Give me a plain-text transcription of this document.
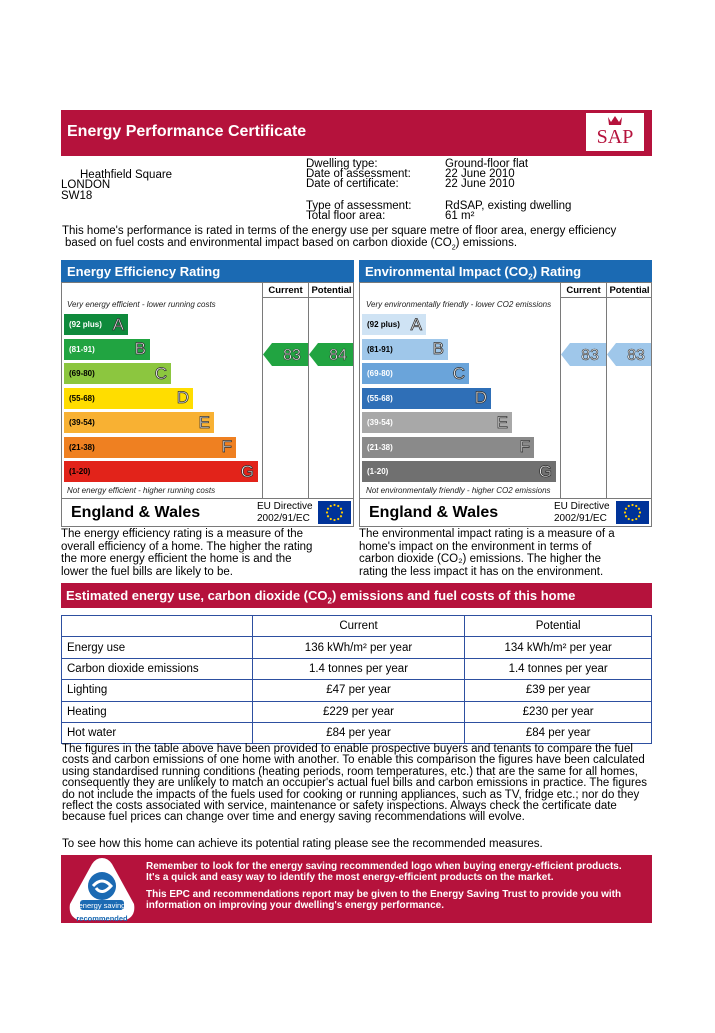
Energy Performance Certificate	SAP
Heathfield Square
LONDON
SW18
Dwelling type:	Ground-floor flat
Date of assessment:	22 June 2010
Date of certificate:	22 June 2010
Type of assessment:	RdSAP, existing dwelling
Total floor area:	61 m²
This home's performance is rated in terms of the energy use per square metre of floor area, energy efficiency
based on fuel costs and environmental impact based on carbon dioxide $(CO_2)$ emissions.
Energy Efficiency Rating
Current Potential
Very energy efficient - lower running costs
(92 plus) A
(81-91) B
(69-80)	C
(55-68)	D
(39-54)	E
(21-38)	F
(1-20)	G
Not energy efficient - higher running costs
England & Wales	EU Directive
2002/91/EC
83 84
The energy efficiency rating is a measure of the
overall efficiency of a home. The higher the rating
the more energy efficient the home is and the
lower the fuel bills are likely to be.
Environmental Impact $(CO_2)$ Rating
Current Potential
Very environmentally friendly - lower CO2 emissions
(92 plus) A
(81-91) B
(69-80)	C
(55-68)	D
(39-54)	E
(21-38)	F
(1-20)	G
Not environmentally friendly - higher CO2 emissions
England & Wales	EU Directive
2002/91/EC
83 83
The environmental impact rating is a measure of a
home's impact on the environment in terms of
carbon dioxide (CO₂) emissions. The higher the
rating the less impact it has on the environment.
Estimated energy use, carbon dioxide $(CO_2)$ emissions and fuel costs of this home
	Current	Potential
Energy use	136 kWh/m² per year	134 kWh/m² per year
Carbon dioxide emissions	1.4 tonnes per year	1.4 tonnes per year
Lighting	£47 per year	£39 per year
Heating	£229 per year	£230 per year
Hot water	£84 per year	£84 per year
The figures in the table above have been provided to enable prospective buyers and tenants to compare the fuel
costs and carbon emissions of one home with another. To enable this comparison the figures have been calculated
using standardised running conditions (heating periods, room temperatures, etc.) that are the same for all homes,
consequently they are unlikely to match an occupier's actual fuel bills and carbon emissions in practice. The figures
do not include the impacts of the fuels used for cooking or running appliances, such as TV, fridge etc.; nor do they
reflect the costs associated with service, maintenance or safety inspections. Always check the certificate date
because fuel prices can change over time and energy saving recommendations will evolve.
To see how this home can achieve its potential rating please see the recommended measures.
energy saving
recommended
Remember to look for the energy saving recommended logo when buying energy-efficient products.
It's a quick and easy way to identify the most energy-efficient products on the market.
This EPC and recommendations report may be given to the Energy Saving Trust to provide you with
information on improving your dwelling's energy performance.
